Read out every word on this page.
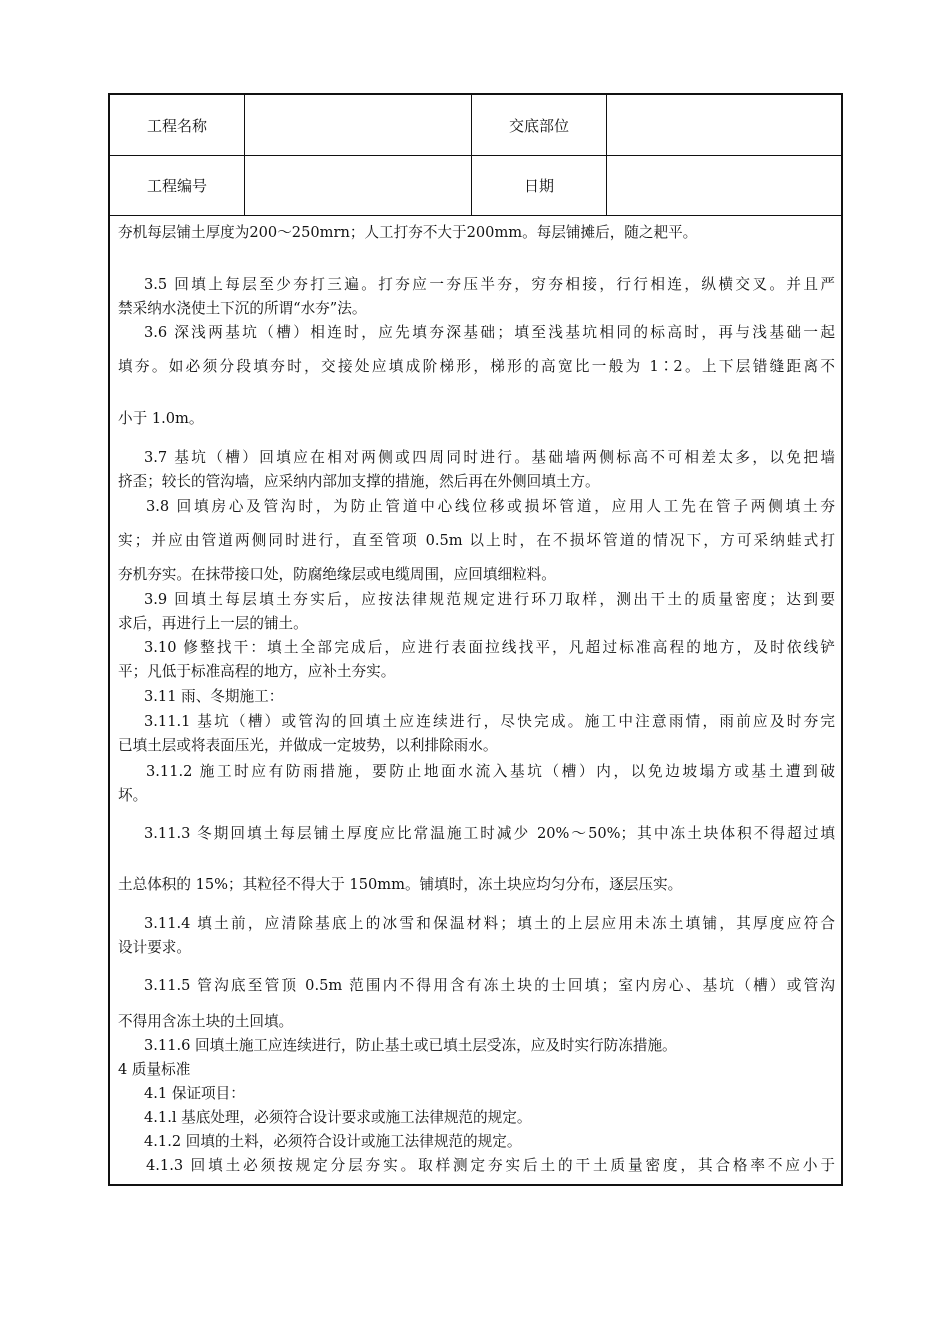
工程名称	交底部位
工程编号	日期
夯机每层铺土厚度为200～250mrn；人工打夯不大于200mm。每层铺摊后，随之耙平。
3.5 回填上每层至少夯打三遍。打夯应一夯压半夯，穷夯相接，行行相连，纵横交叉。并且严
禁采纳水浇使土下沉的所谓“水夯”法。
3.6 深浅两基坑（槽）相连时，应先填夯深基础；填至浅基坑相同的标高时，再与浅基础一起
填夯。如必须分段填夯时，交接处应填成阶梯形，梯形的高宽比一般为 1∶2。上下层错缝距离不
小于 1.0m。
3.7 基坑（槽）回填应在相对两侧或四周同时进行。基础墙两侧标高不可相差太多，以免把墙
挤歪；较长的管沟墙，应采纳内部加支撑的措施，然后再在外侧回填土方。
3.8 回填房心及管沟时，为防止管道中心线位移或损坏管道，应用人工先在管子两侧填土夯
实；并应由管道两侧同时进行，直至管项 0.5m 以上时，在不损坏管道的情况下，方可采纳蛙式打
夯机夯实。在抹带接口处，防腐绝缘层或电缆周围，应回填细粒料。
3.9 回填土每层填土夯实后，应按法律规范规定进行环刀取样，测出干土的质量密度；达到要
求后，再进行上一层的铺土。
3.10 修整找干：填土全部完成后，应进行表面拉线找平，凡超过标准高程的地方，及时依线铲
平；凡低于标准高程的地方，应补土夯实。
3.11 雨、冬期施工：
3.11.1 基坑（槽）或管沟的回填土应连续进行，尽快完成。施工中注意雨情，雨前应及时夯完
已填土层或将表面压光，并做成一定坡势，以利排除雨水。
3.11.2 施工时应有防雨措施，要防止地面水流入基坑（槽）内，以免边坡塌方或基土遭到破
坏。
3.11.3 冬期回填土每层铺土厚度应比常温施工时减少 20%～50%；其中冻土块体积不得超过填
土总体积的 15%；其粒径不得大于 150mm。铺填时，冻土块应均匀分布，逐层压实。
3.11.4 填土前，应清除基底上的冰雪和保温材料；填土的上层应用未冻土填铺，其厚度应符合
设计要求。
3.11.5 管沟底至管顶 0.5m 范围内不得用含有冻土块的士回填；室内房心、基坑（槽）或管沟
不得用含冻土块的土回填。
3.11.6 回填土施工应连续进行，防止基土或已填土层受冻，应及时实行防冻措施。
4 质量标准
4.1 保证项目：
4.1.l 基底处理，必须符合设计要求或施工法律规范的规定。
4.1.2 回填的土料，必须符合设计或施工法律规范的规定。
4.1.3 回填土必须按规定分层夯实。取样测定夯实后土的干土质量密度，其合格率不应小于
